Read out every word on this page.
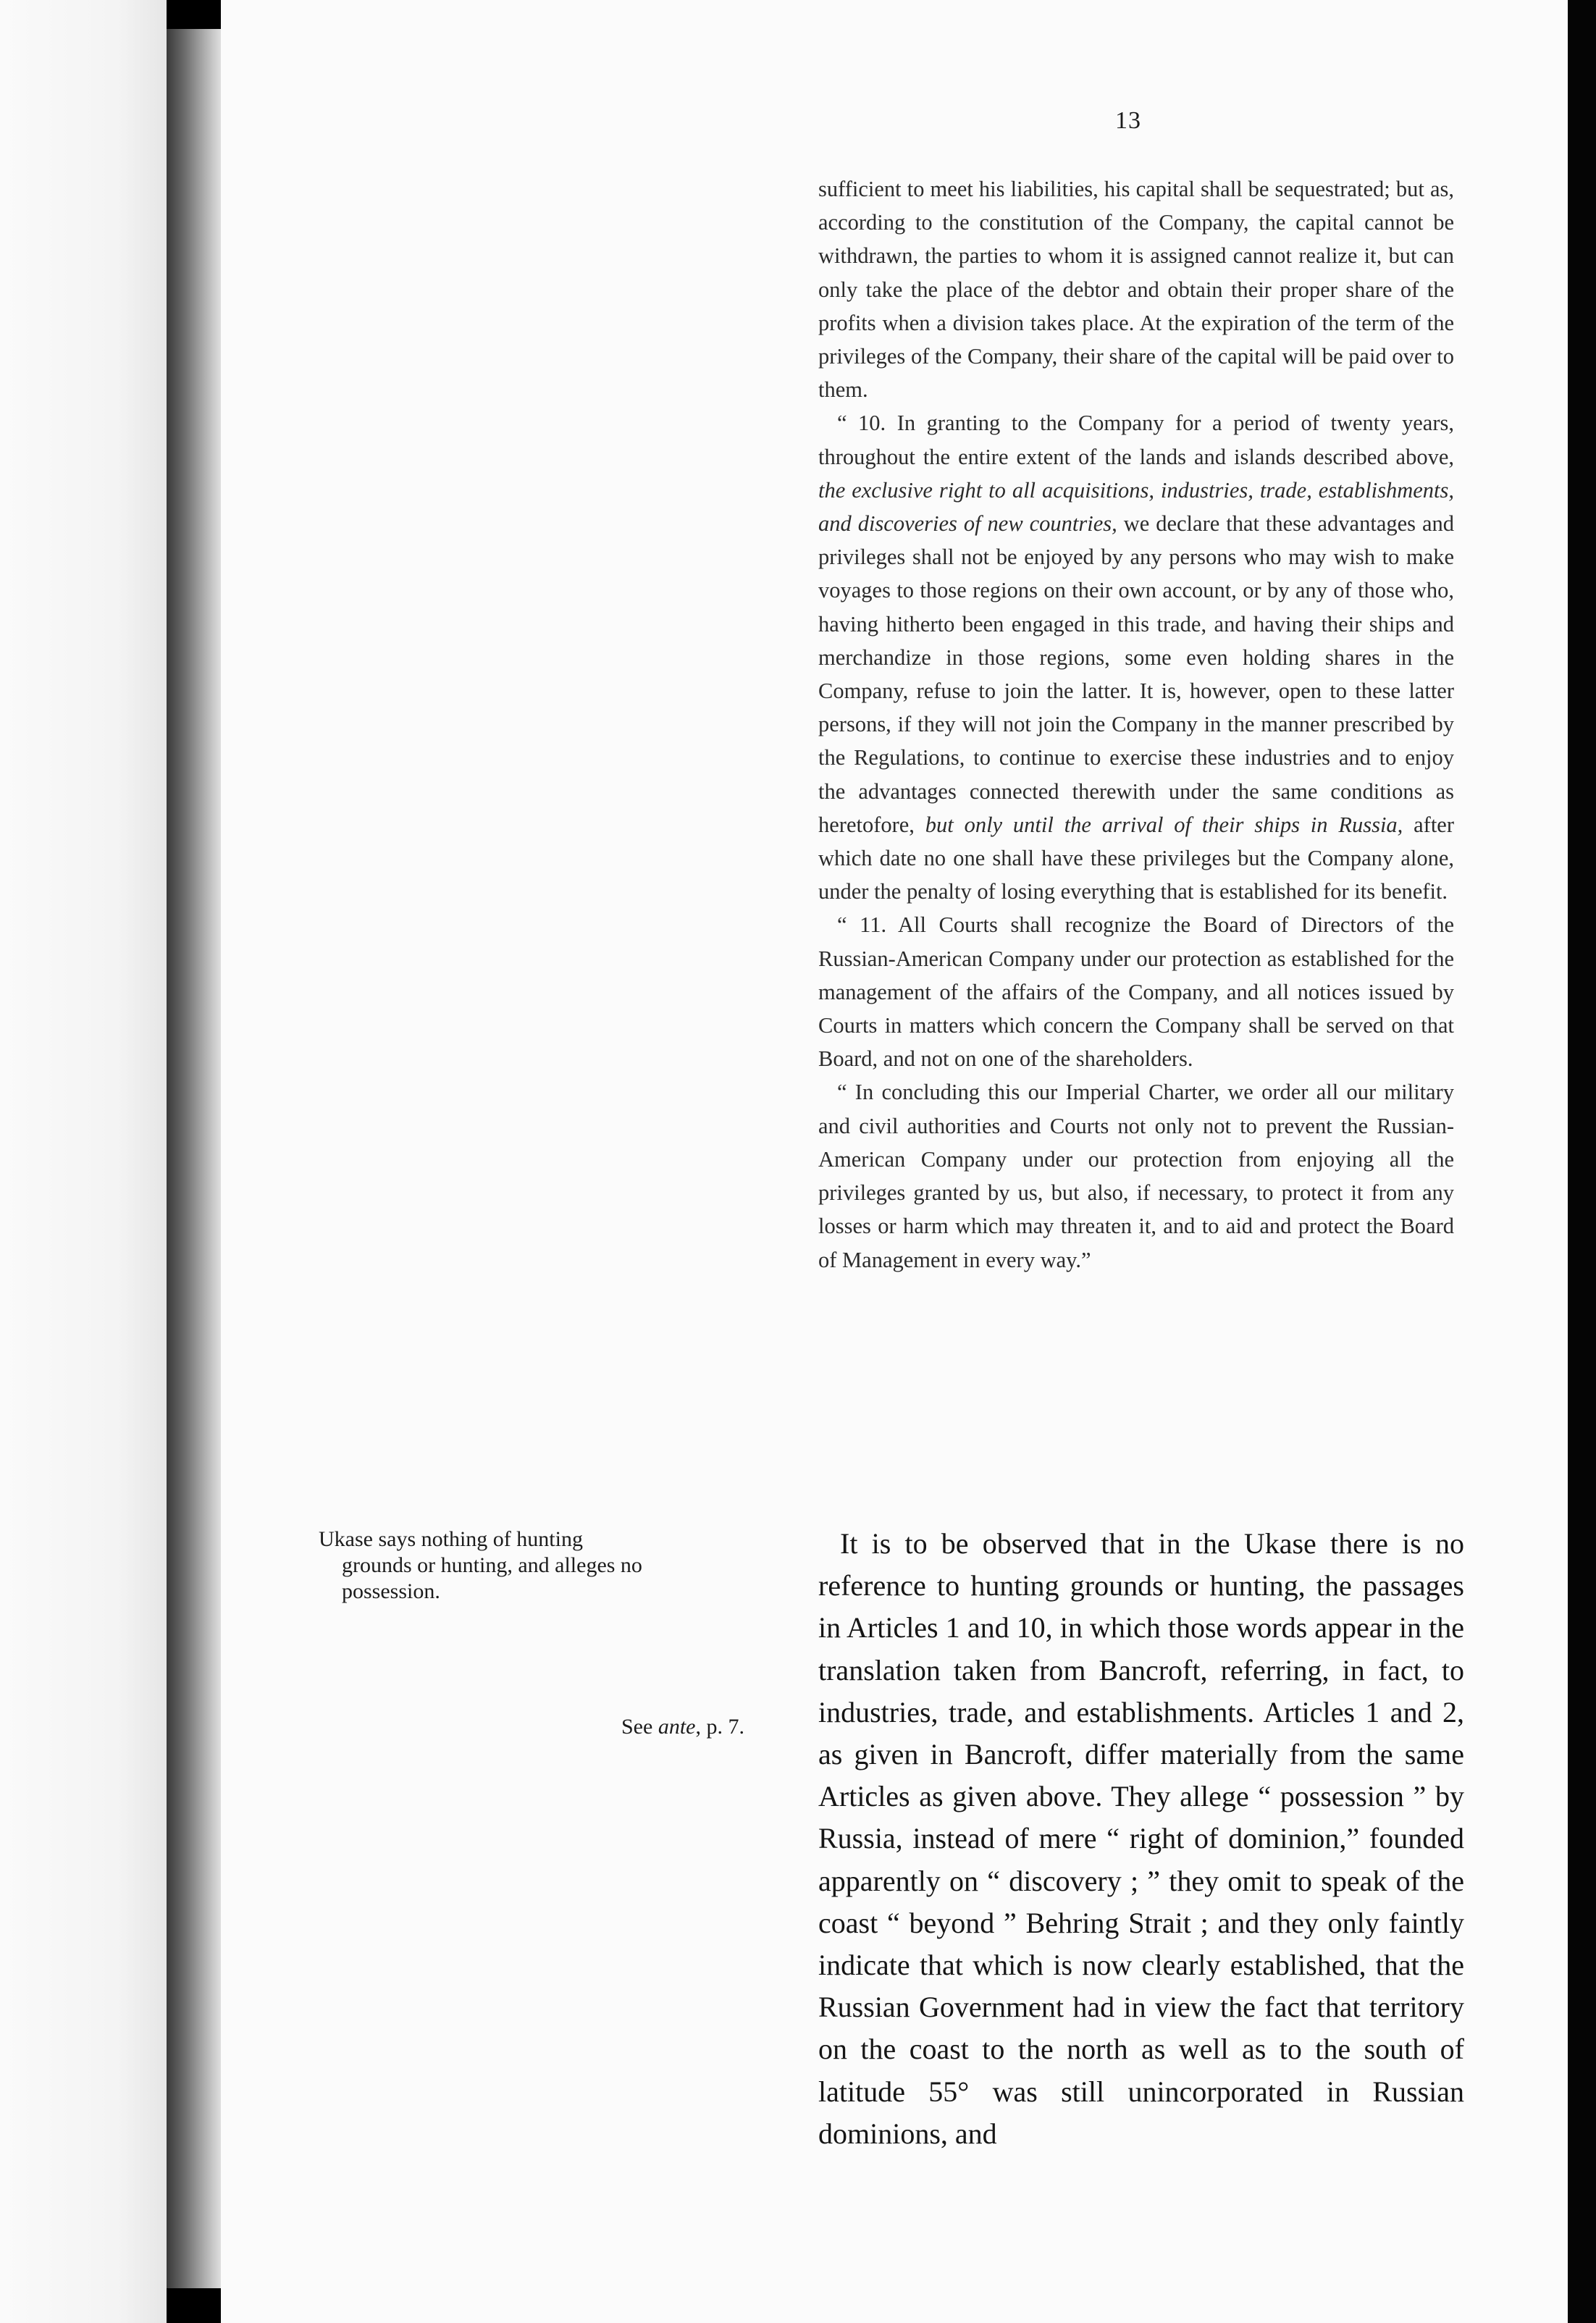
13

sufficient to meet his liabilities, his capital shall be sequestrated; but as, according to the constitution of the Company, the capital cannot be withdrawn, the parties to whom it is assigned cannot realize it, but can only take the place of the debtor and obtain their proper share of the profits when a division takes place. At the expiration of the term of the privileges of the Company, their share of the capital will be paid over to them.

“ 10. In granting to the Company for a period of twenty years, throughout the entire extent of the lands and islands described above, the exclusive right to all acquisitions, industries, trade, establishments, and discoveries of new countries, we declare that these advantages and privileges shall not be enjoyed by any persons who may wish to make voyages to those regions on their own account, or by any of those who, having hitherto been engaged in this trade, and having their ships and merchandize in those regions, some even holding shares in the Company, refuse to join the latter. It is, however, open to these latter persons, if they will not join the Company in the manner prescribed by the Regulations, to continue to exercise these industries and to enjoy the advantages connected therewith under the same conditions as heretofore, but only until the arrival of their ships in Russia, after which date no one shall have these privileges but the Company alone, under the penalty of losing everything that is established for its benefit.

“ 11. All Courts shall recognize the Board of Directors of the Russian-American Company under our protection as established for the management of the affairs of the Company, and all notices issued by Courts in matters which concern the Company shall be served on that Board, and not on one of the shareholders.

“ In concluding this our Imperial Charter, we order all our military and civil authorities and Courts not only not to prevent the Russian-American Company under our protection from enjoying all the privileges granted by us, but also, if necessary, to protect it from any losses or harm which may threaten it, and to aid and protect the Board of Management in every way.”

Ukase says nothing of hunting
grounds or hunting, and alleges no
possession.
See ante, p. 7.

It is to be observed that in the Ukase there is no reference to hunting grounds or hunting, the passages in Articles 1 and 10, in which those words appear in the translation taken from Bancroft, referring, in fact, to industries, trade, and establishments. Articles 1 and 2, as given in Bancroft, differ materially from the same Articles as given above. They allege “ possession ” by Russia, instead of mere “ right of dominion,” founded apparently on “ discovery ; ” they omit to speak of the coast “ beyond ” Behring Strait ; and they only faintly indicate that which is now clearly established, that the Russian Government had in view the fact that territory on the coast to the north as well as to the south of latitude 55° was still unincorporated in Russian dominions, and
